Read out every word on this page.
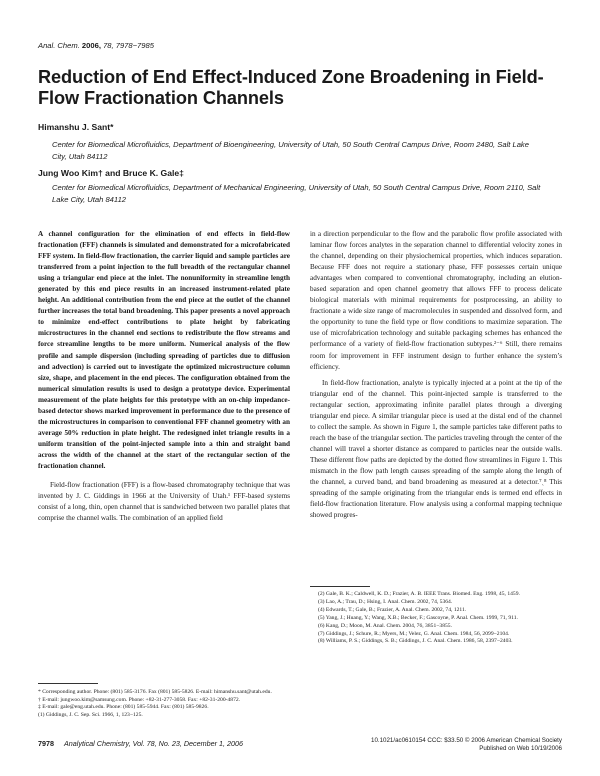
Anal. Chem. 2006, 78, 7978−7985
Reduction of End Effect-Induced Zone Broadening in Field-Flow Fractionation Channels
Himanshu J. Sant*
Center for Biomedical Microfluidics, Department of Bioengineering, University of Utah, 50 South Central Campus Drive, Room 2480, Salt Lake City, Utah 84112
Jung Woo Kim† and Bruce K. Gale‡
Center for Biomedical Microfluidics, Department of Mechanical Engineering, University of Utah, 50 South Central Campus Drive, Room 2110, Salt Lake City, Utah 84112

A channel configuration for the elimination of end effects in field-flow fractionation (FFF) channels is simulated and demonstrated for a microfabricated FFF system. In field-flow fractionation, the carrier liquid and sample particles are transferred from a point injection to the full breadth of the rectangular channel using a triangular end piece at the inlet. The nonuniformity in streamline length generated by this end piece results in an increased instrument-related plate height. An additional contribution from the end piece at the outlet of the channel further increases the total band broadening. This paper presents a novel approach to minimize end-effect contributions to plate height by fabricating microstructures in the channel end sections to redistribute the flow streams and force streamline lengths to be more uniform. Numerical analysis of the flow profile and sample dispersion (including spreading of particles due to diffusion and advection) is carried out to investigate the optimized microstructure column size, shape, and placement in the end pieces. The configuration obtained from the numerical simulation results is used to design a prototype device. Experimental measurement of the plate heights for this prototype with an on-chip impedance-based detector shows marked improvement in performance due to the presence of the microstructures in comparison to conventional FFF channel geometry with an average 50% reduction in plate height. The redesigned inlet triangle results in a uniform transition of the point-injected sample into a thin and straight band across the width of the channel at the start of the rectangular section of the fractionation channel.

Field-flow fractionation (FFF) is a flow-based chromatography technique that was invented by J. C. Giddings in 1966 at the University of Utah.¹ FFF-based systems consist of a long, thin, open channel that is sandwiched between two parallel plates that comprise the channel walls. The combination of an applied field

in a direction perpendicular to the flow and the parabolic flow profile associated with laminar flow forces analytes in the separation channel to differential velocity zones in the channel, depending on their physiochemical properties, which induces separation. Because FFF does not require a stationary phase, FFF possesses certain unique advantages when compared to conventional chromatography, including an elution-based separation and open channel geometry that allows FFF to process delicate biological materials with minimal requirements for postprocessing, an ability to fractionate a wide size range of macromolecules in suspended and dissolved form, and the opportunity to tune the field type or flow conditions to maximize separation. The use of microfabrication technology and suitable packaging schemes has enhanced the performance of a variety of field-flow fractionation subtypes.²⁻⁶ Still, there remains room for improvement in FFF instrument design to further enhance the system’s efficiency.

In field-flow fractionation, analyte is typically injected at a point at the tip of the triangular end of the channel. This point-injected sample is transferred to the rectangular section, approximating infinite parallel plates through a diverging triangular end piece. A similar triangular piece is used at the distal end of the channel to collect the sample. As shown in Figure 1, the sample particles take different paths to reach the base of the triangular section. The particles traveling through the center of the channel will travel a shorter distance as compared to particles near the outside walls. These different flow paths are depicted by the dotted flow streamlines in Figure 1. This mismatch in the flow path length causes spreading of the sample along the length of the channel, a curved band, and band broadening as measured at a detector.⁷ˎ⁸ This spreading of the sample originating from the triangular ends is termed end effects in field-flow fractionation literature. Flow analysis using a conformal mapping technique showed progres-

* Corresponding author. Phone: (801) 585-3176. Fax (801) 585-5826. E-mail: himanshu.sant@utah.edu.
† E-mail: jungwoo.kim@samsung.com. Phone: +82-31-277-3058. Fax: +82-31-200-4872.
‡ E-mail: gale@eng.utah.edu. Phone: (801) 585-5944. Fax: (801) 585-9826.
(1) Giddings, J. C. Sep. Sci. 1966, 1, 123−125.
(2) Gale, B. K.; Caldwell, K. D.; Frazier, A. B. IEEE Trans. Biomed. Eng. 1998, 45, 1459.
(3) Lao, A.; Trau, D.; Hsing, I. Anal. Chem. 2002, 74, 5364.
(4) Edwards, T.; Gale, B.; Frazier, A. Anal. Chem. 2002, 74, 1211.
(5) Yang, J.; Huang, Y.; Wang, X.B.; Becker, F.; Gascoyne, P. Anal. Chem. 1999, 71, 911.
(6) Kang, D.; Moon, M. Anal. Chem. 2004, 76, 3851−3855.
(7) Giddings, J.; Schure, R.; Myers, M.; Velez, G. Anal. Chem. 1984, 56, 2099−2104.
(8) Williams, P. S.; Giddings, S. B.; Giddings, J. C. Anal. Chem. 1986, 58, 2397−2403.
7978 Analytical Chemistry, Vol. 78, No. 23, December 1, 2006	10.1021/ac0610154 CCC: $33.50 © 2006 American Chemical Society
Published on Web 10/19/2006
